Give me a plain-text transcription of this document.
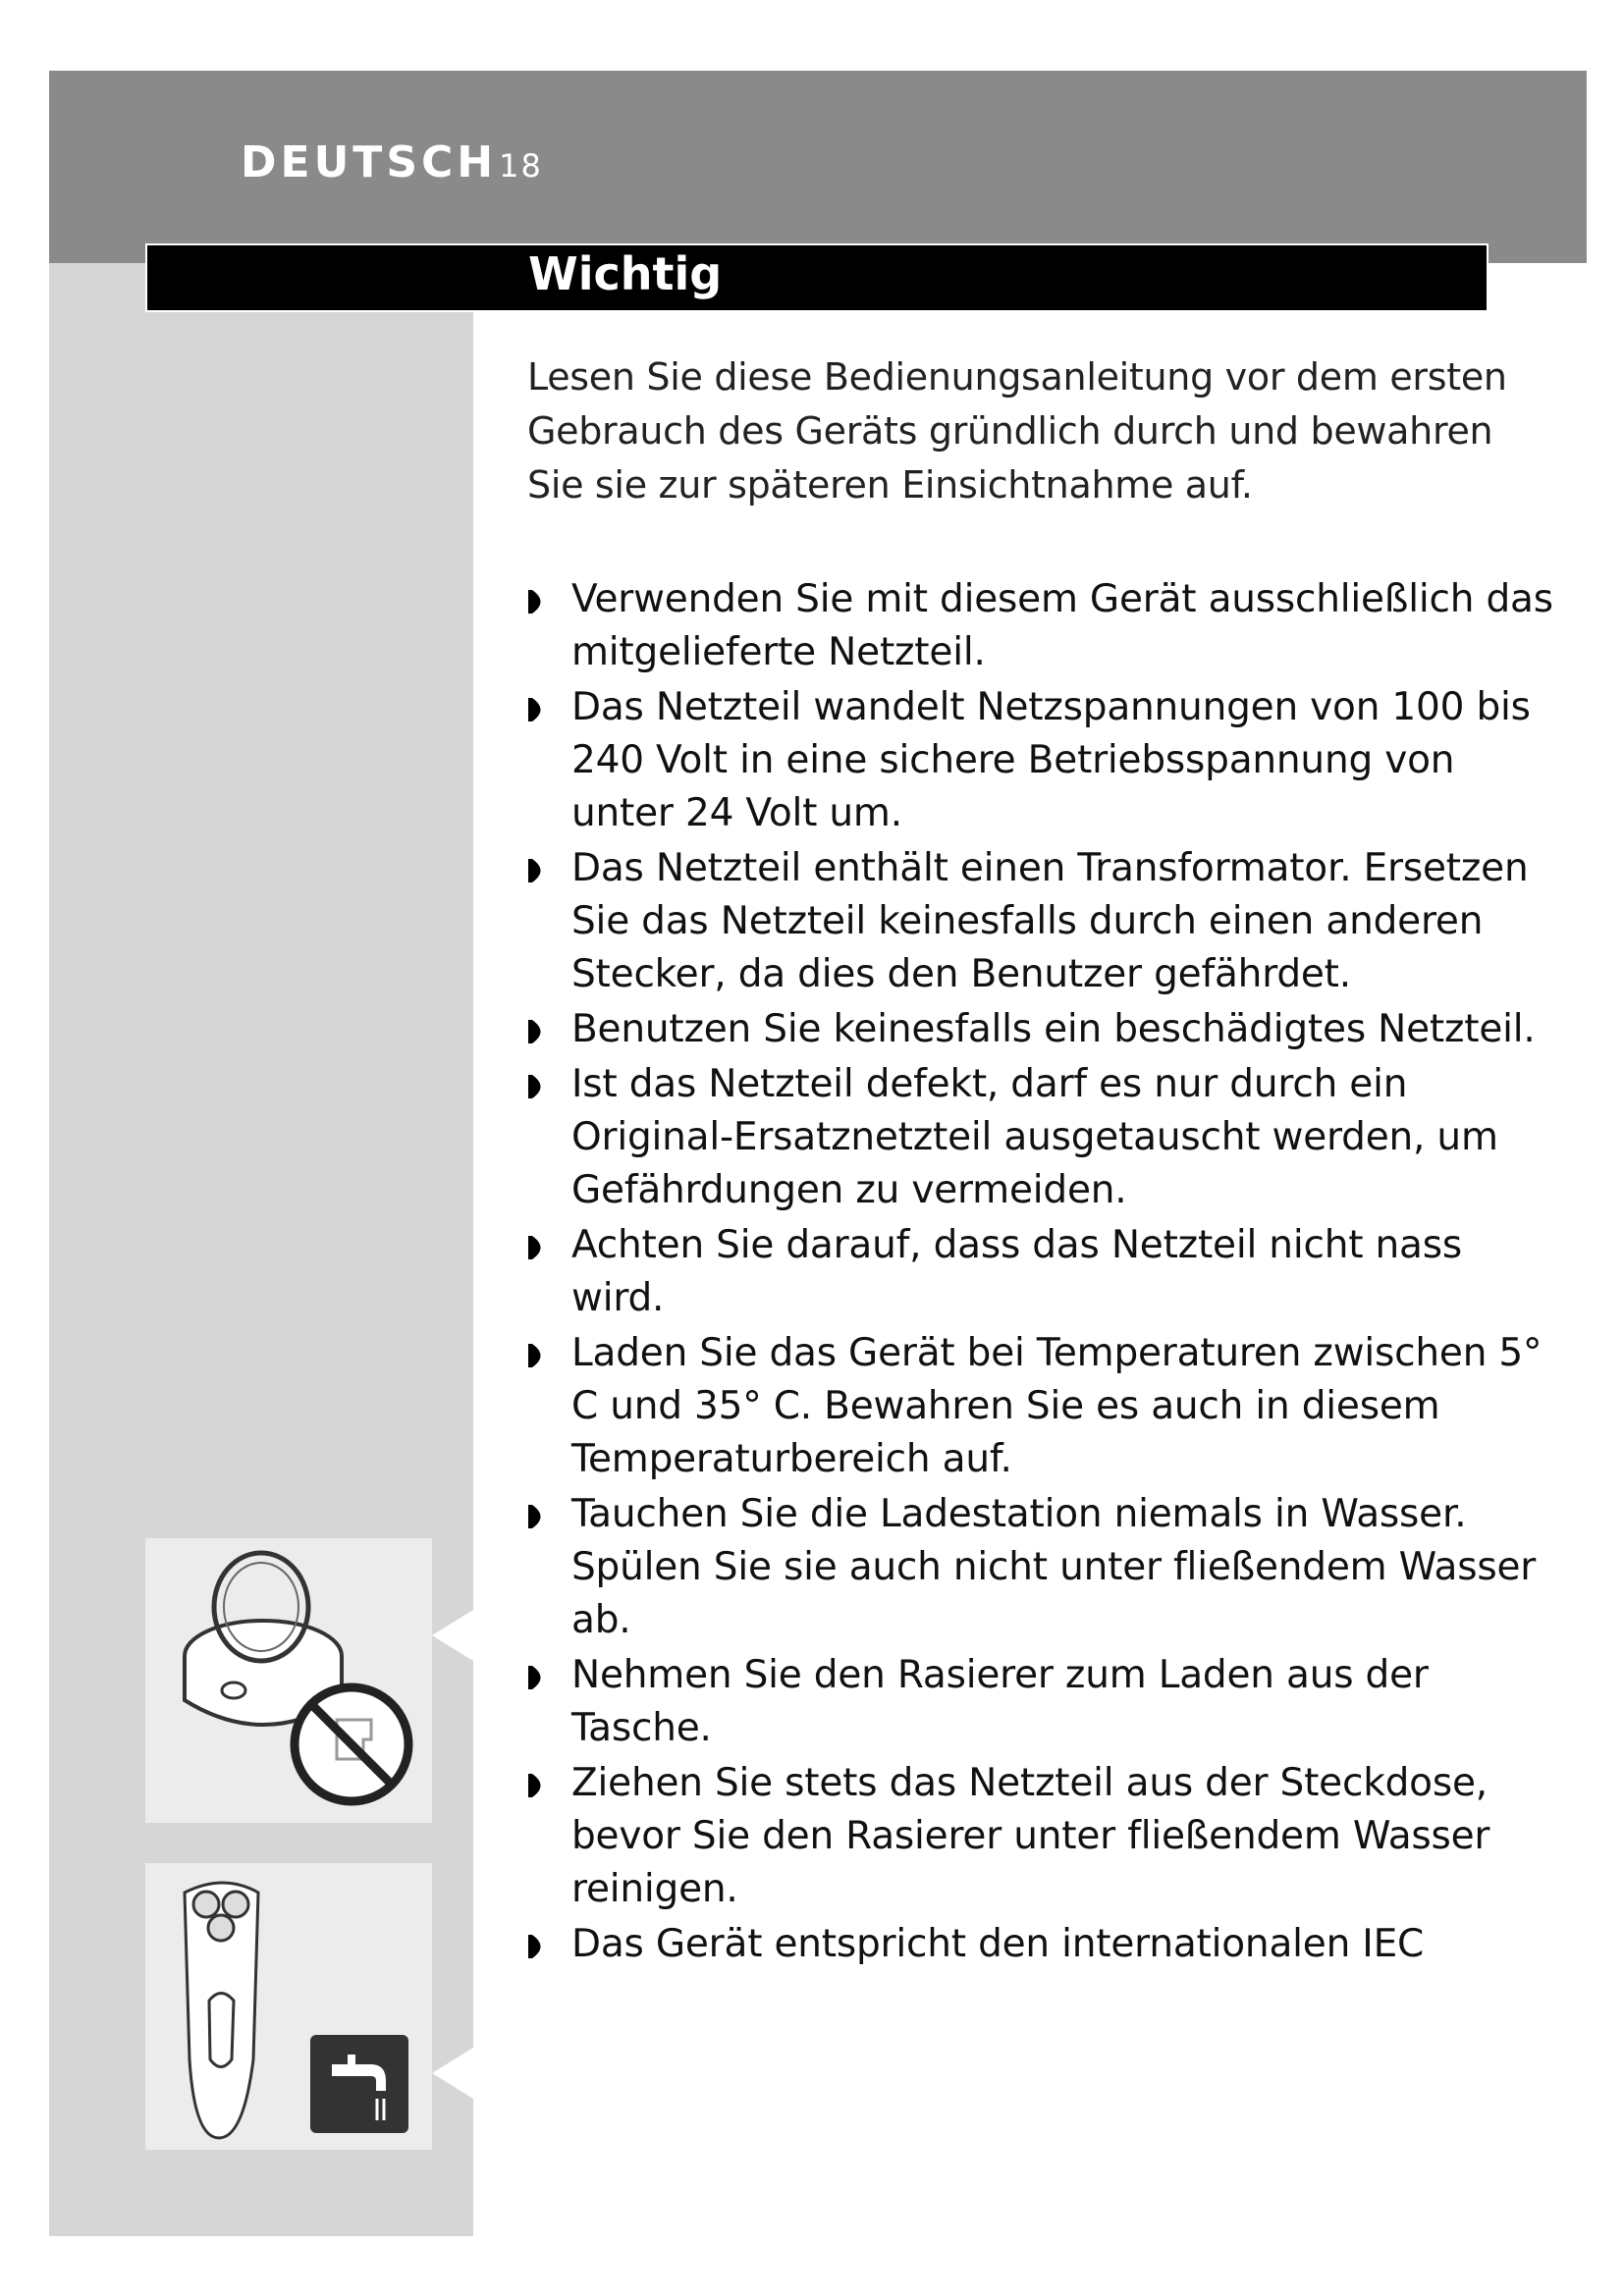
DEUTSCH18
Wichtig

Lesen Sie diese Bedienungsanleitung vor dem ersten Gebrauch des Geräts gründlich durch und bewahren Sie sie zur späteren Einsichtnahme auf.

Verwenden Sie mit diesem Gerät ausschließlich das mitgelieferte Netzteil.
Das Netzteil wandelt Netzspannungen von 100 bis 240 Volt in eine sichere Betriebsspannung von unter 24 Volt um.
Das Netzteil enthält einen Transformator. Ersetzen Sie das Netzteil keinesfalls durch einen anderen Stecker, da dies den Benutzer gefährdet.
Benutzen Sie keinesfalls ein beschädigtes Netzteil.
Ist das Netzteil defekt, darf es nur durch ein Original-Ersatznetzteil ausgetauscht werden, um Gefährdungen zu vermeiden.
Achten Sie darauf, dass das Netzteil nicht nass wird.
Laden Sie das Gerät bei Temperaturen zwischen 5° C und 35° C. Bewahren Sie es auch in diesem Temperaturbereich auf.
Tauchen Sie die Ladestation niemals in Wasser. Spülen Sie sie auch nicht unter fließendem Wasser ab.
Nehmen Sie den Rasierer zum Laden aus der Tasche.
Ziehen Sie stets das Netzteil aus der Steckdose, bevor Sie den Rasierer unter fließendem Wasser reinigen.
Das Gerät entspricht den internationalen IEC
